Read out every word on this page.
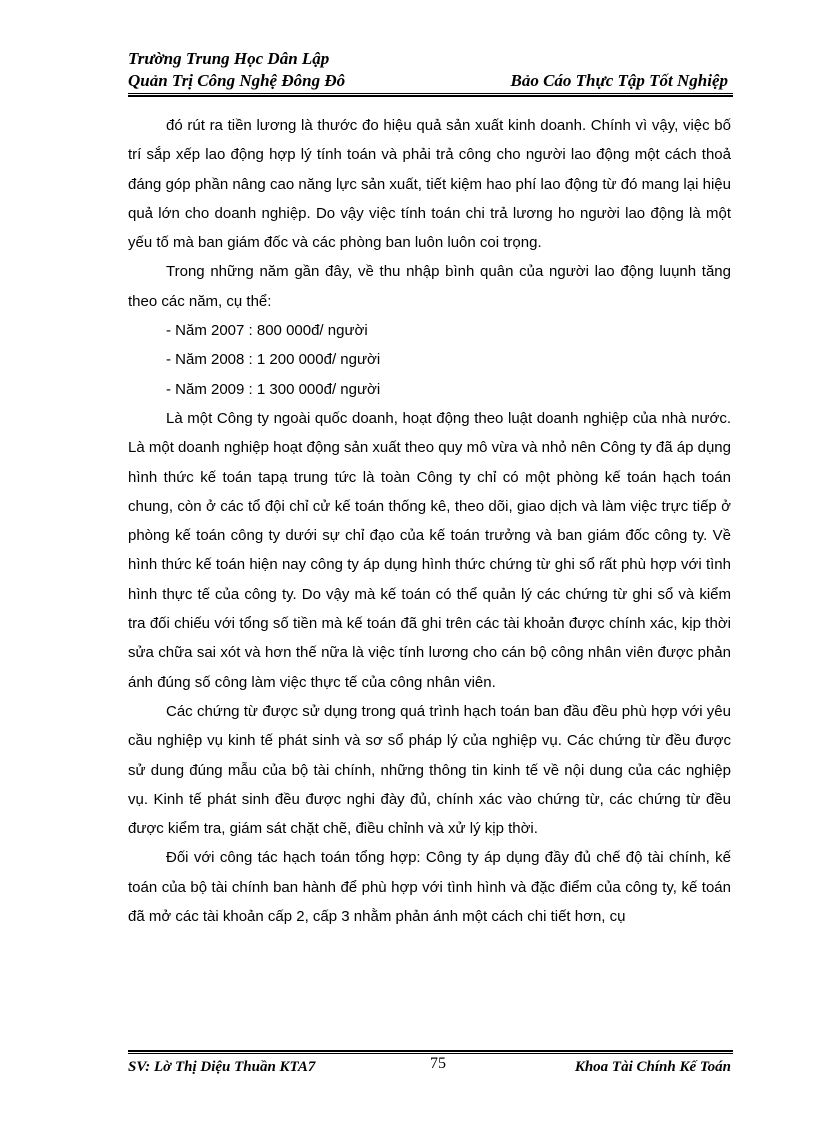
Trường Trung Học Dân Lập
Quản Trị Công Nghệ Đông Đô	Bảo Cáo Thực Tập Tốt Nghiệp

đó rút ra tiền lương là thước đo hiệu quả sản xuất kinh doanh. Chính vì vậy, việc bố trí sắp xếp lao động hợp lý tính toán và phải trả công cho người lao động một cách thoả đáng góp phần nâng cao năng lực sản xuất, tiết kiệm hao phí lao động từ đó mang lại hiệu quả lớn cho doanh nghiệp. Do vậy việc tính toán chi trả lương ho người lao động là một yếu tố mà ban giám đốc và các phòng ban luôn luôn coi trọng.

Trong những năm gần đây, về thu nhập bình quân của người lao động luụnh tăng theo các năm, cụ thể:

- Năm 2007 : 800 000đ/ người

- Năm 2008 : 1 200 000đ/ người

- Năm 2009 : 1 300 000đ/ người

Là một Công ty ngoài quốc doanh, hoạt động theo luật doanh nghiệp của nhà nước. Là một doanh nghiệp hoạt động sản xuất theo quy mô vừa và nhỏ nên Công ty đã áp dụng hình thức kế toán tapạ trung tức là toàn Công ty chỉ có một phòng kế toán hạch toán chung, còn ở các tổ đội chỉ cử kế toán thống kê, theo dõi, giao dịch và làm việc trực tiếp ở phòng kế toán công ty dưới sự chỉ đạo của kế toán trưởng và ban giám đốc công ty. Về hình thức kế toán hiện nay công ty áp dụng hình thức chứng từ ghi sổ rất phù hợp với tình hình thực tế của công ty. Do vậy mà kế toán có thể quản lý các chứng từ ghi sổ và kiểm tra đối chiếu với tổng số tiền mà kế toán đã ghi trên các tài khoản được chính xác, kịp thời sửa chữa sai xót và hơn thế nữa là việc tính lương cho cán bộ công nhân viên được phản ánh đúng số công làm việc thực tế của công nhân viên.

Các chứng từ được sử dụng trong quá trình hạch toán ban đầu đều phù hợp với yêu cầu nghiệp vụ kinh tế phát sinh và sơ sổ pháp lý của nghiệp vụ. Các chứng từ đều được sử dung đúng mẫu của bộ tài chính, những thông tin kinh tế về nội dung của các nghiệp vụ. Kinh tế phát sinh đều được nghi đày đủ, chính xác vào chứng từ, các chứng từ đều được kiểm tra, giám sát chặt chẽ, điều chỉnh và xử lý kịp thời.

Đối với công tác hạch toán tổng hợp: Công ty áp dụng đầy đủ chế độ tài chính, kế toán của bộ tài chính ban hành để phù hợp với tình hình và đặc điểm của công ty, kế toán đã mở các tài khoản cấp 2, cấp 3 nhằm phản ánh một cách chi tiết hơn, cụ

SV: Lờ Thị Diệu Thuần KTA7	75	Khoa Tài Chính Kế Toán
